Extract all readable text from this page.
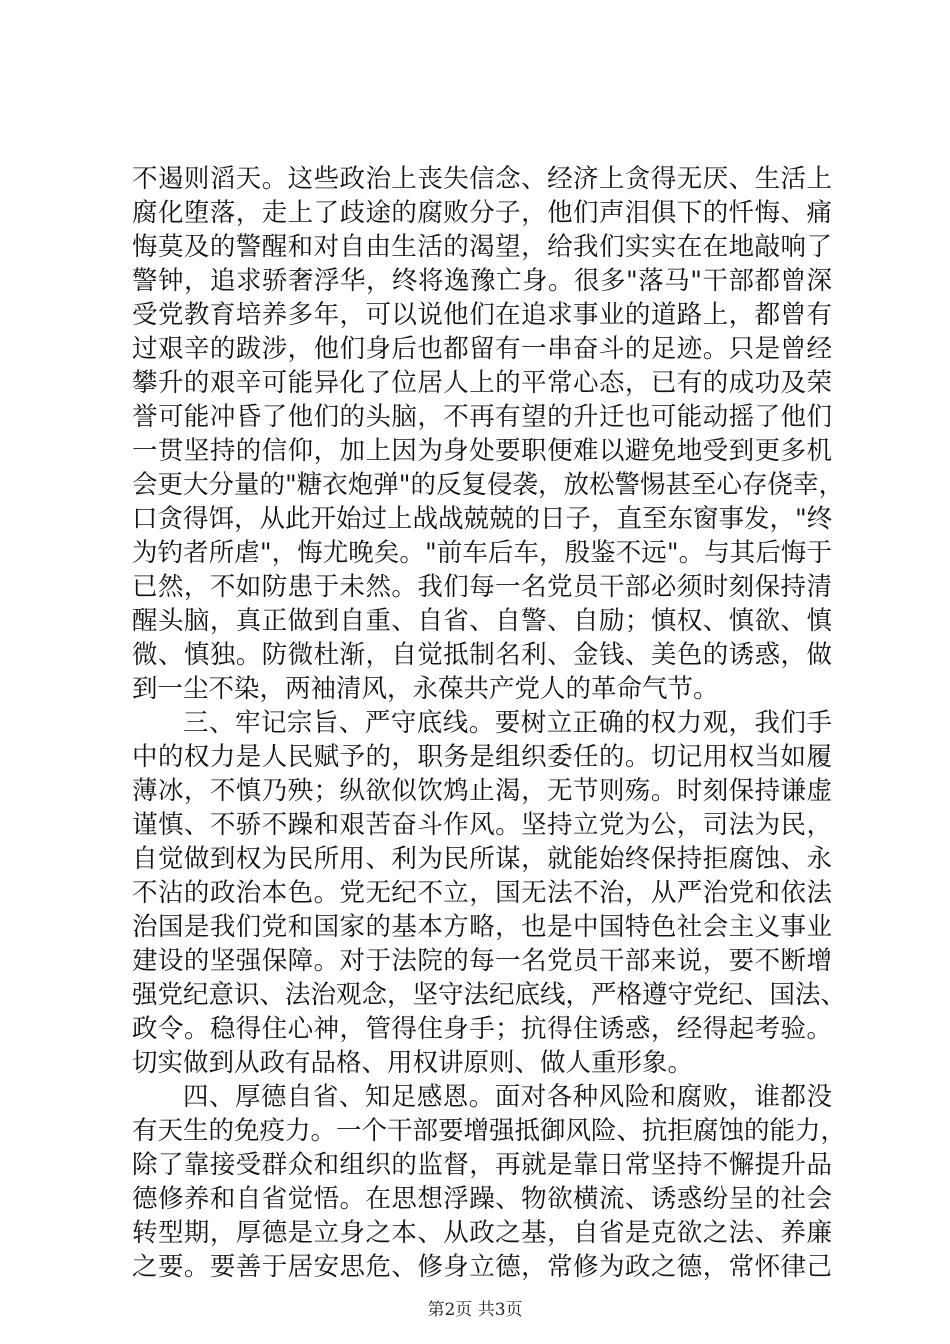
不遏则滔天。这些政治上丧失信念、经济上贪得无厌、生活上
腐化堕落，走上了歧途的腐败分子，他们声泪俱下的忏悔、痛
悔莫及的警醒和对自由生活的渴望，给我们实实在在地敲响了
警钟，追求骄奢浮华，终将逸豫亡身。很多"落马"干部都曾深
受党教育培养多年，可以说他们在追求事业的道路上，都曾有
过艰辛的跋涉，他们身后也都留有一串奋斗的足迹。只是曾经
攀升的艰辛可能异化了位居人上的平常心态，已有的成功及荣
誉可能冲昏了他们的头脑，不再有望的升迁也可能动摇了他们
一贯坚持的信仰，加上因为身处要职便难以避免地受到更多机
会更大分量的"糖衣炮弹"的反复侵袭，放松警惕甚至心存侥幸，
口贪得饵，从此开始过上战战兢兢的日子，直至东窗事发，"终
为钓者所虐"，悔尤晚矣。"前车后车，殷鉴不远"。与其后悔于
已然，不如防患于未然。我们每一名党员干部必须时刻保持清
醒头脑，真正做到自重、自省、自警、自励；慎权、慎欲、慎
微、慎独。防微杜渐，自觉抵制名利、金钱、美色的诱惑，做
到一尘不染，两袖清风，永葆共产党人的革命气节。
三、牢记宗旨、严守底线。要树立正确的权力观，我们手
中的权力是人民赋予的，职务是组织委任的。切记用权当如履
薄冰，不慎乃殃；纵欲似饮鸩止渴，无节则殇。时刻保持谦虚
谨慎、不骄不躁和艰苦奋斗作风。坚持立党为公，司法为民，
自觉做到权为民所用、利为民所谋，就能始终保持拒腐蚀、永
不沾的政治本色。党无纪不立，国无法不治，从严治党和依法
治国是我们党和国家的基本方略，也是中国特色社会主义事业
建设的坚强保障。对于法院的每一名党员干部来说，要不断增
强党纪意识、法治观念，坚守法纪底线，严格遵守党纪、国法、
政令。稳得住心神，管得住身手；抗得住诱惑，经得起考验。
切实做到从政有品格、用权讲原则、做人重形象。
四、厚德自省、知足感恩。面对各种风险和腐败，谁都没
有天生的免疫力。一个干部要增强抵御风险、抗拒腐蚀的能力，
除了靠接受群众和组织的监督，再就是靠日常坚持不懈提升品
德修养和自省觉悟。在思想浮躁、物欲横流、诱惑纷呈的社会
转型期，厚德是立身之本、从政之基，自省是克欲之法、养廉
之要。要善于居安思危、修身立德，常修为政之德，常怀律己
第2页 共3页
